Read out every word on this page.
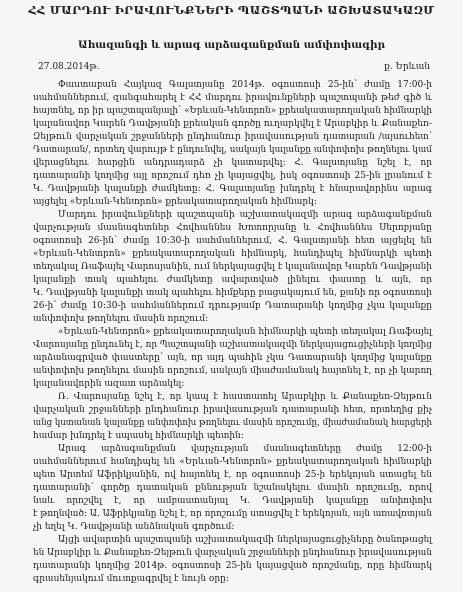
ՀՀ ՄԱՐԴՈՒ ԻՐԱՎՈՒՆՔՆԵՐԻ ՊԱՇՏՊԱՆԻ ԱՇԽԱՏԱԿԱԶՄ
Ահազանգի և արագ արձագանքման ամփոփագիր
27.08.2014թ.	ք. Երևան
Փաստաբան Հայկազ Գալստյանը 2014թ. օգոստոսի 25-ին՝ ժամը 17:00-ի
սահմաններում, զանգահարել է ՀՀ մարդու իրավունքների պաշտպանի թեժ գիծ և
հայտնել, որ իր պաշտպանյալի՝ «Երևան-Կենտրոն» քրեակատարողական հիմնարկի
կալանավոր Կարեն Դավթյանի քրեական գործը ուղարկվել է Արաբկիր և Քանաքեռ-
Զեյթուն վարչական շրջանների ընդհանուր իրավասության դատարան /այսուհետ՝
Դատարան/, որտեղ վարույթ է ընդունվել, սակայն կալանքը անփոփոխ թողնելու կամ
վերացնելու հարցին անդրադարձ չի կատարվել: Հ. Գալստյանը նշել է, որ
դատարանի կողմից այլ որոշում դեռ չի կայացվել, իսկ օգոստոսի 25-ին լրանում է
Կ. Դավթյանի կալանքի ժամկետը: Հ. Գալստյանը խնդրել է հնարավորինս արագ
այցելել «Երևան-Կենտրոն» քրեակատարողական հիմնարկ:
Մարդու իրավունքների պաշտպանի աշխատակազմի արագ արձագանքման
վարչության մասնագետներ Հովհաննես Խոտորյանը և Հովհաննես Սերոբյանը
օգոստոսի 26-ին՝ ժամը 10:30-ի սահմաններում, Հ. Գալստյանի հետ այցելել են
«Երևան-Կենտրոն» քրեակատարողական հիմնարկ, հանդիպել հիմնարկի պետի
տեղակալ Ռաֆայել Վարոսյանին, ում ներկայացվել է կալանավոր Կարեն Դավթյանի
կալանքի տակ պահելու ժամկետը ավարտված լինելու փաստը և այն, որ
Կ. Դավթյանի կալանքի տակ պահելու հիմքերը բացակայում են, քանի որ օգոստոսի
26-ի՝ ժամը 10:30-ի սահմաններում դրությամբ Դատարանի կողմից չկա կալանքը
անփոփոխ թողնելու մասին որոշում:
«Երևան-Կենտրոն» քրեակատարողական հիմնարկի պետի տեղակալ Ռաֆայել
Վարոսյանը ընդունել է, որ Պաշտպանի աշխատակազմի ներկայացուցիչների կողմից
արձանագրված փաստերը՝ այն, որ այդ պահին չկա Դատարանի կողմից կալանքը
անփոփոխ թողնելու մասին որոշում, սակայն միաժամանակ հայտնել է, որ չի կարող
կալանավորին ազատ արձակել:
Ռ. Վարոսյանը նշել է, որ կապ է հաստատել Արաբկիր և Քանաքեռ-Զեյթուն
վարչական շրջանների ընդհանուր իրավասության դատարանի հետ, որտեղից քիչ
անց կստանան կալանքը անփոփոխ թողնելու մասին որոշումը, միաժամանակ հարցերի
համար խնդրել է սպասել հիմնարկի պետին:
Արագ արձագանքման վարչության մասնագետները ժամը 12:00-ի
սահմաններում հանդիպել են «Երևան-Կենտրոն» քրեակատարողական հիմնարկի
պետ Արտեմ Աֆրիկյանին, ով հայտնել է, որ օգոստոսի 25-ի երեկոյան ստացել են
դատարանի՝ գործը դատական քննության նշանակելու մասին որոշումը, որով
նաև որոշվել է, որ ամբաստանյալ Կ. Դավթյանի կալանքը անփոփոխ
է թողնված: Ա. Աֆրիկյանը նշել է, որ որոշումը ստացվել է երեկոյան, այն առավոտյան
չի եղել Կ. Դավթյանի անձնական գործում:
Այցի ավարտին պաշտպանի աշխատակազմի ներկայացուցիչները ծանոթացել
են Արաբկիր և Քանաքեռ-Զեյթուն վարչական շրջանների ընդհանուր իրավասության
դատարանի կողմից 2014թ. օգոստոսի 25-ին կայացված որոշմանը, որը հիմնարկ
գրասենյակում մուտքագրվել է նույն օրը:
